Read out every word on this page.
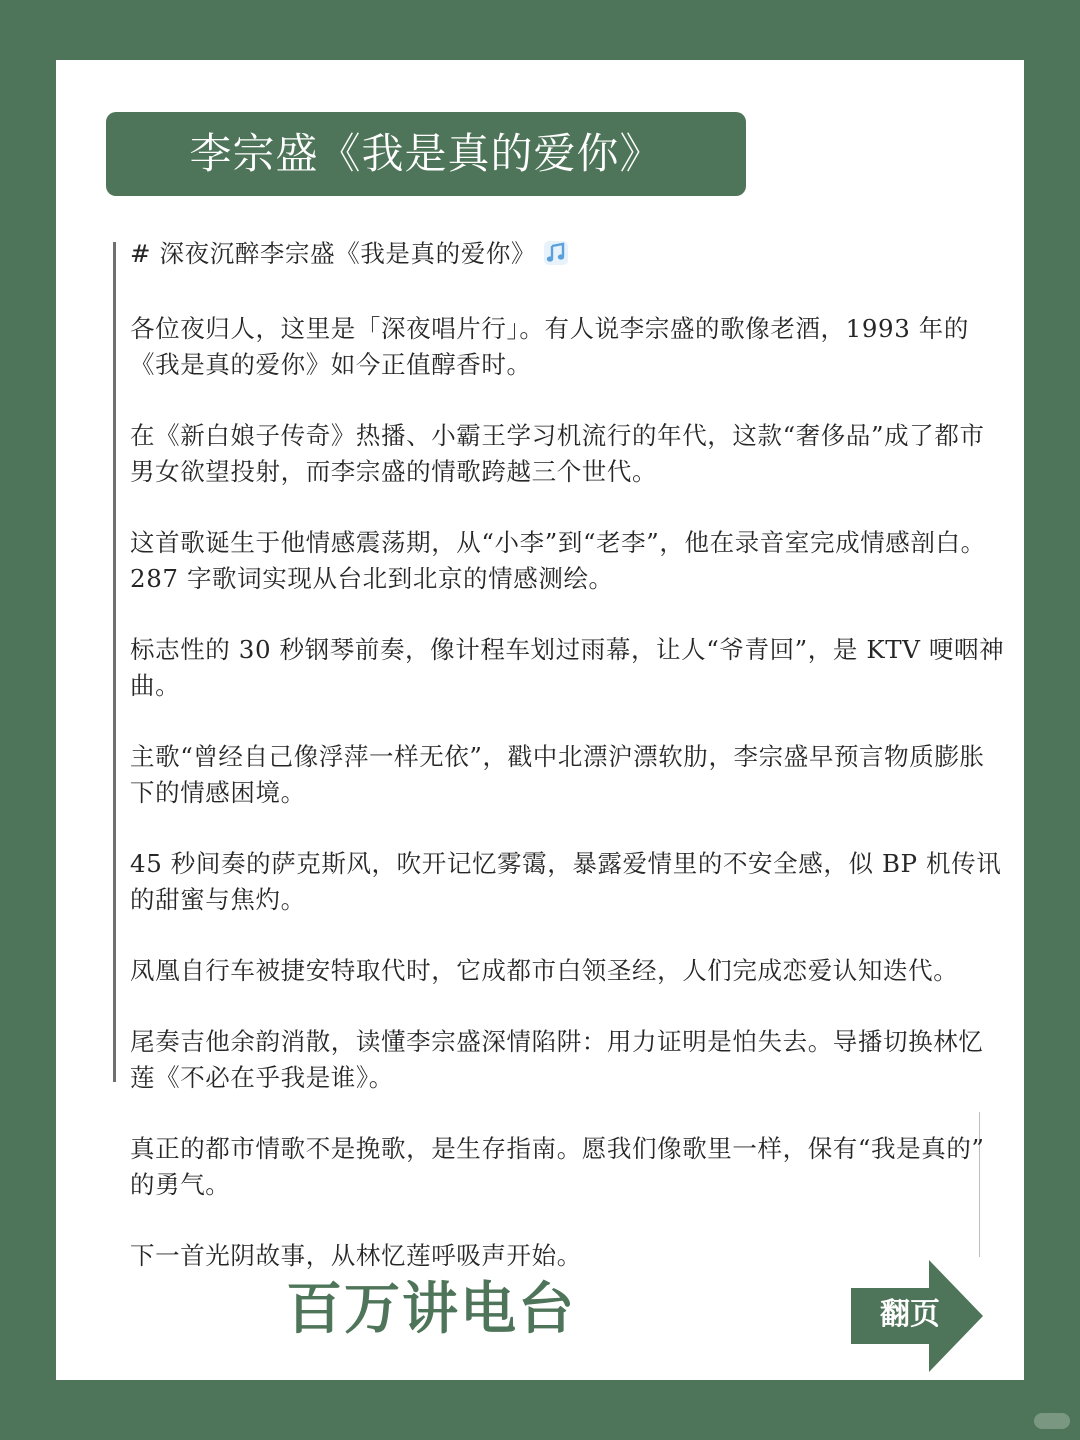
李宗盛《我是真的爱你》
# 深夜沉醉李宗盛《我是真的爱你》
各位夜归人，这里是「深夜唱片行」。有人说李宗盛的歌像老酒，1993 年的
《我是真的爱你》如今正值醇香时。
在《新白娘子传奇》热播、小霸王学习机流行的年代，这款“奢侈品”成了都市
男女欲望投射，而李宗盛的情歌跨越三个世代。
这首歌诞生于他情感震荡期，从“小李”到“老李”，他在录音室完成情感剖白。
287 字歌词实现从台北到北京的情感测绘。
标志性的 30 秒钢琴前奏，像计程车划过雨幕，让人“爷青回”，是 KTV 哽咽神
曲。
主歌“曾经自己像浮萍一样无依”，戳中北漂沪漂软肋，李宗盛早预言物质膨胀
下的情感困境。
45 秒间奏的萨克斯风，吹开记忆雾霭，暴露爱情里的不安全感，似 BP 机传讯
的甜蜜与焦灼。
凤凰自行车被捷安特取代时，它成都市白领圣经，人们完成恋爱认知迭代。
尾奏吉他余韵消散，读懂李宗盛深情陷阱：用力证明是怕失去。导播切换林忆
莲《不必在乎我是谁》。
真正的都市情歌不是挽歌，是生存指南。愿我们像歌里一样，保有“我是真的”
的勇气。
下一首光阴故事，从林忆莲呼吸声开始。
百万讲电台	翻页
